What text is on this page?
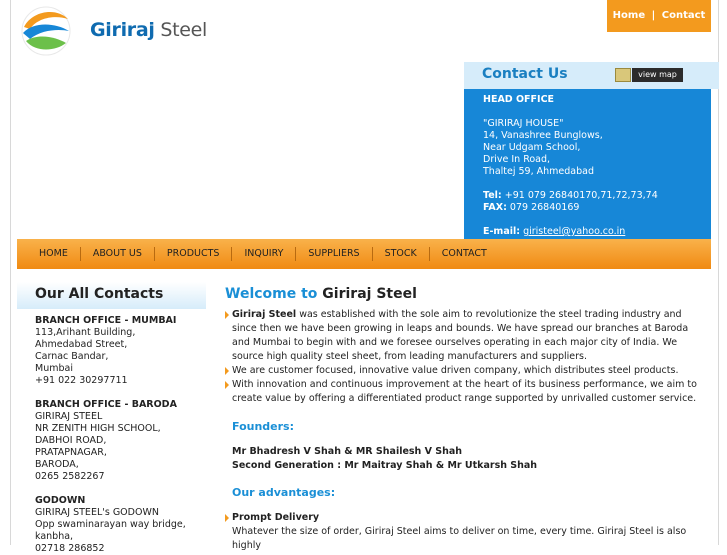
Giriraj Steel
Home | Contact
Contact Us	view map
HEAD OFFICE
"GIRIRAJ HOUSE"
14, Vanashree Bunglows,
Near Udgam School,
Drive In Road,
Thaltej 59, Ahmedabad
Tel: +91 079 26840170,71,72,73,74
FAX: 079 26840169
E-mail: giristeel@yahoo.co.in
HOME	ABOUT US	PRODUCTS	INQUIRY	SUPPLIERS	STOCK	CONTACT
Our All Contacts
BRANCH OFFICE - MUMBAI
113,Arihant Building,
Ahmedabad Street,
Carnac Bandar,
Mumbai
+91 022 30297711
BRANCH OFFICE - BARODA
GIRIRAJ STEEL
NR ZENITH HIGH SCHOOL,
DABHOI ROAD,
PRATAPNAGAR,
BARODA,
0265 2582267
GODOWN
GIRIRAJ STEEL's GODOWN
Opp swaminarayan way bridge,
kanbha,
02718 286852
Welcome to Giriraj Steel
Giriraj Steel was established with the sole aim to revolutionize the steel trading industry and since then we have been growing in leaps and bounds. We have spread our branches at Baroda and Mumbai to begin with and we foresee ourselves operating in each major city of India. We source high quality steel sheet, from leading manufacturers and suppliers.
We are customer focused, innovative value driven company, which distributes steel products.
With innovation and continuous improvement at the heart of its business performance, we aim to create value by offering a differentiated product range supported by unrivalled customer service.
Founders:
Mr Bhadresh V Shah & MR Shailesh V Shah
Second Generation : Mr Maitray Shah & Mr Utkarsh Shah
Our advantages:
Prompt Delivery
Whatever the size of order, Giriraj Steel aims to deliver on time, every time. Giriraj Steel is also highly
